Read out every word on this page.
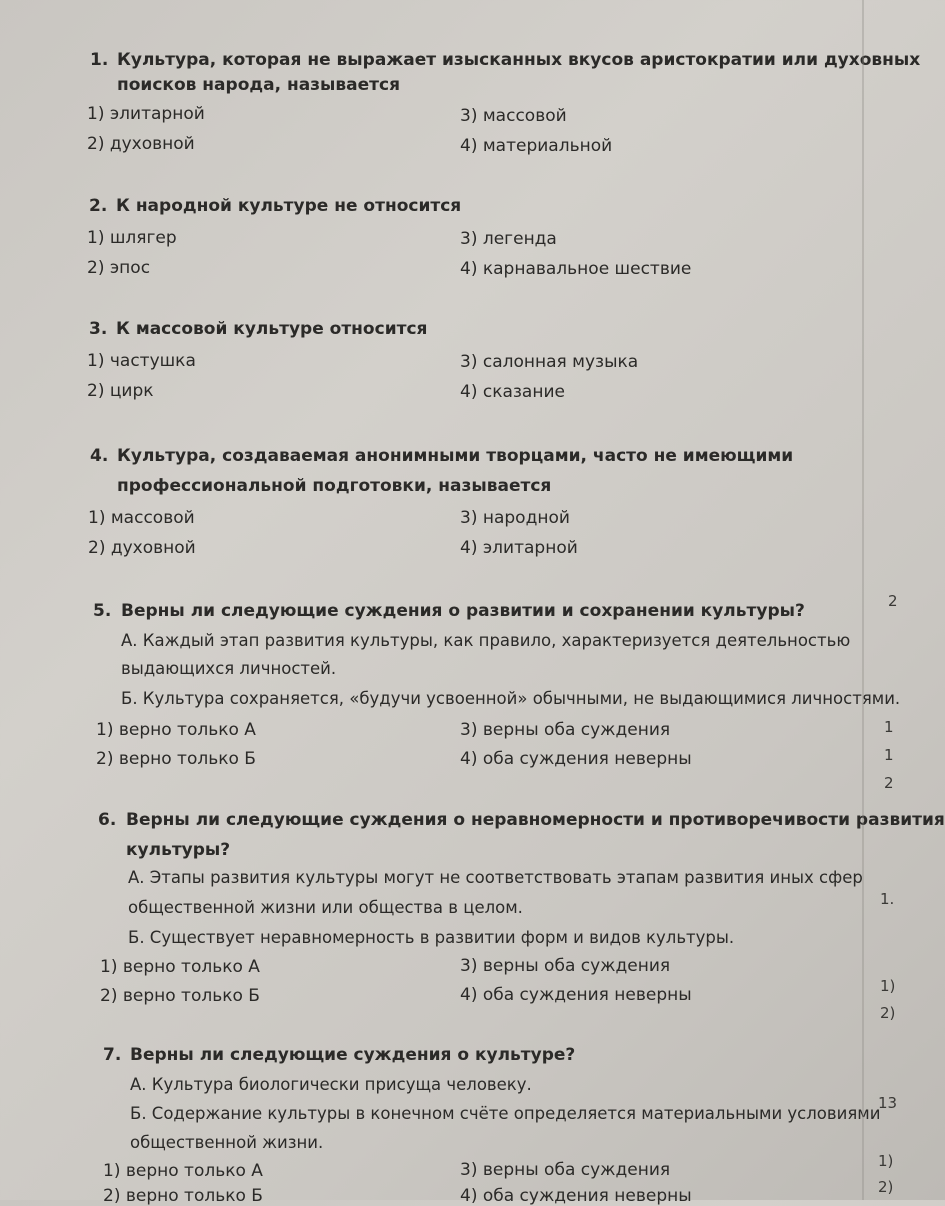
1. Культура, которая не выражает изысканных вкусов аристократии или духовных
поисков народа, называется
1) элитарной
2) духовной
3) массовой
4) материальной
2. К народной культуре не относится
1) шлягер
2) эпос
3) легенда
4) карнавальное шествие
3. К массовой культуре относится
1) частушка
2) цирк
3) салонная музыка
4) сказание
4. Культура, создаваемая анонимными творцами, часто не имеющими
профессиональной подготовки, называется
1) массовой
2) духовной
3) народной
4) элитарной
5. Верны ли следующие суждения о развитии и сохранении культуры?
А. Каждый этап развития культуры, как правило, характеризуется деятельностью
выдающихся личностей.
Б. Культура сохраняется, «будучи усвоенной» обычными, не выдающимися личностями.
1) верно только А
2) верно только Б
3) верны оба суждения
4) оба суждения неверны
6. Верны ли следующие суждения о неравномерности и противоречивости развития
культуры?
А. Этапы развития культуры могут не соответствовать этапам развития иных сфер
общественной жизни или общества в целом.
Б. Существует неравномерность в развитии форм и видов культуры.
1) верно только А
2) верно только Б
3) верны оба суждения
4) оба суждения неверны
7. Верны ли следующие суждения о культуре?
А. Культура биологически присуща человеку.
Б. Содержание культуры в конечном счёте определяется материальными условиями
общественной жизни.
1) верно только А
2) верно только Б
3) верны оба суждения
4) оба суждения неверны
2
1
1
2
1.
1)
2)
13
1)
2)
